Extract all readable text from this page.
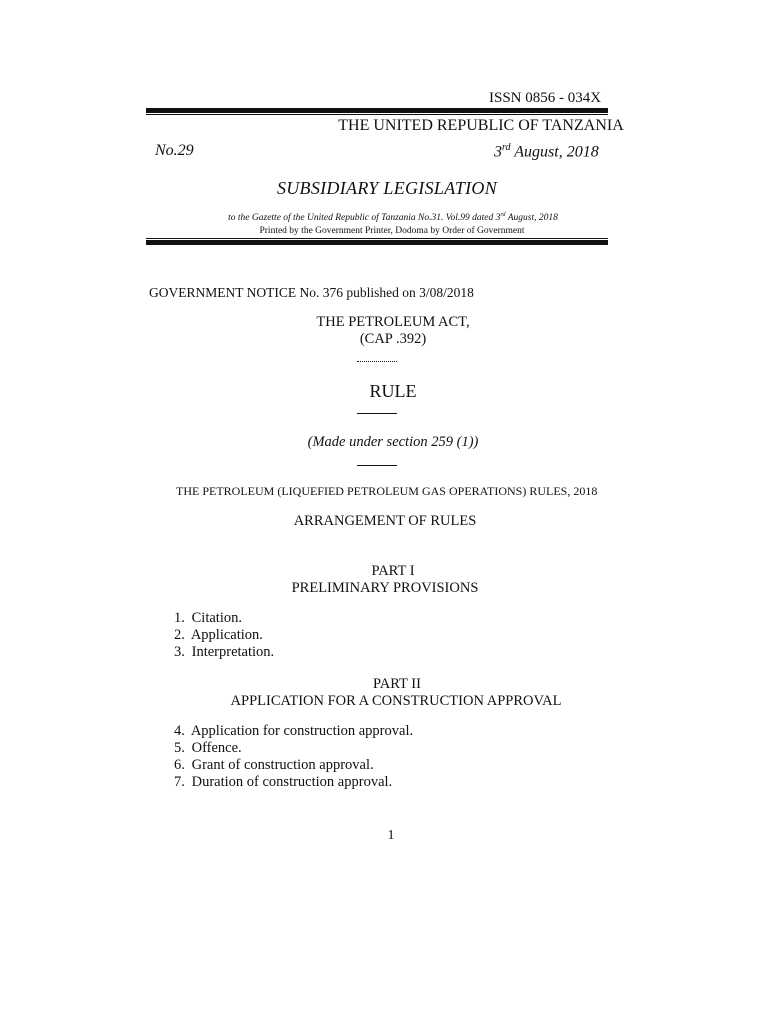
ISSN 0856 - 034X
THE UNITED REPUBLIC OF TANZANIA
No.29	3rd August, 2018
SUBSIDIARY LEGISLATION
to the Gazette of the United Republic of Tanzania No.31. Vol.99 dated 3rd August, 2018
Printed by the Government Printer, Dodoma by Order of Government
GOVERNMENT NOTICE No. 376 published on 3/08/2018
THE PETROLEUM ACT,
(CAP .392)
RULE
(Made under section 259 (1))
THE PETROLEUM (LIQUEFIED PETROLEUM GAS OPERATIONS) RULES, 2018
ARRANGEMENT OF RULES
PART I
PRELIMINARY PROVISIONS
1. Citation.
2. Application.
3. Interpretation.
PART II
APPLICATION FOR A CONSTRUCTION APPROVAL
4. Application for construction approval.
5. Offence.
6. Grant of construction approval.
7. Duration of construction approval.
1
